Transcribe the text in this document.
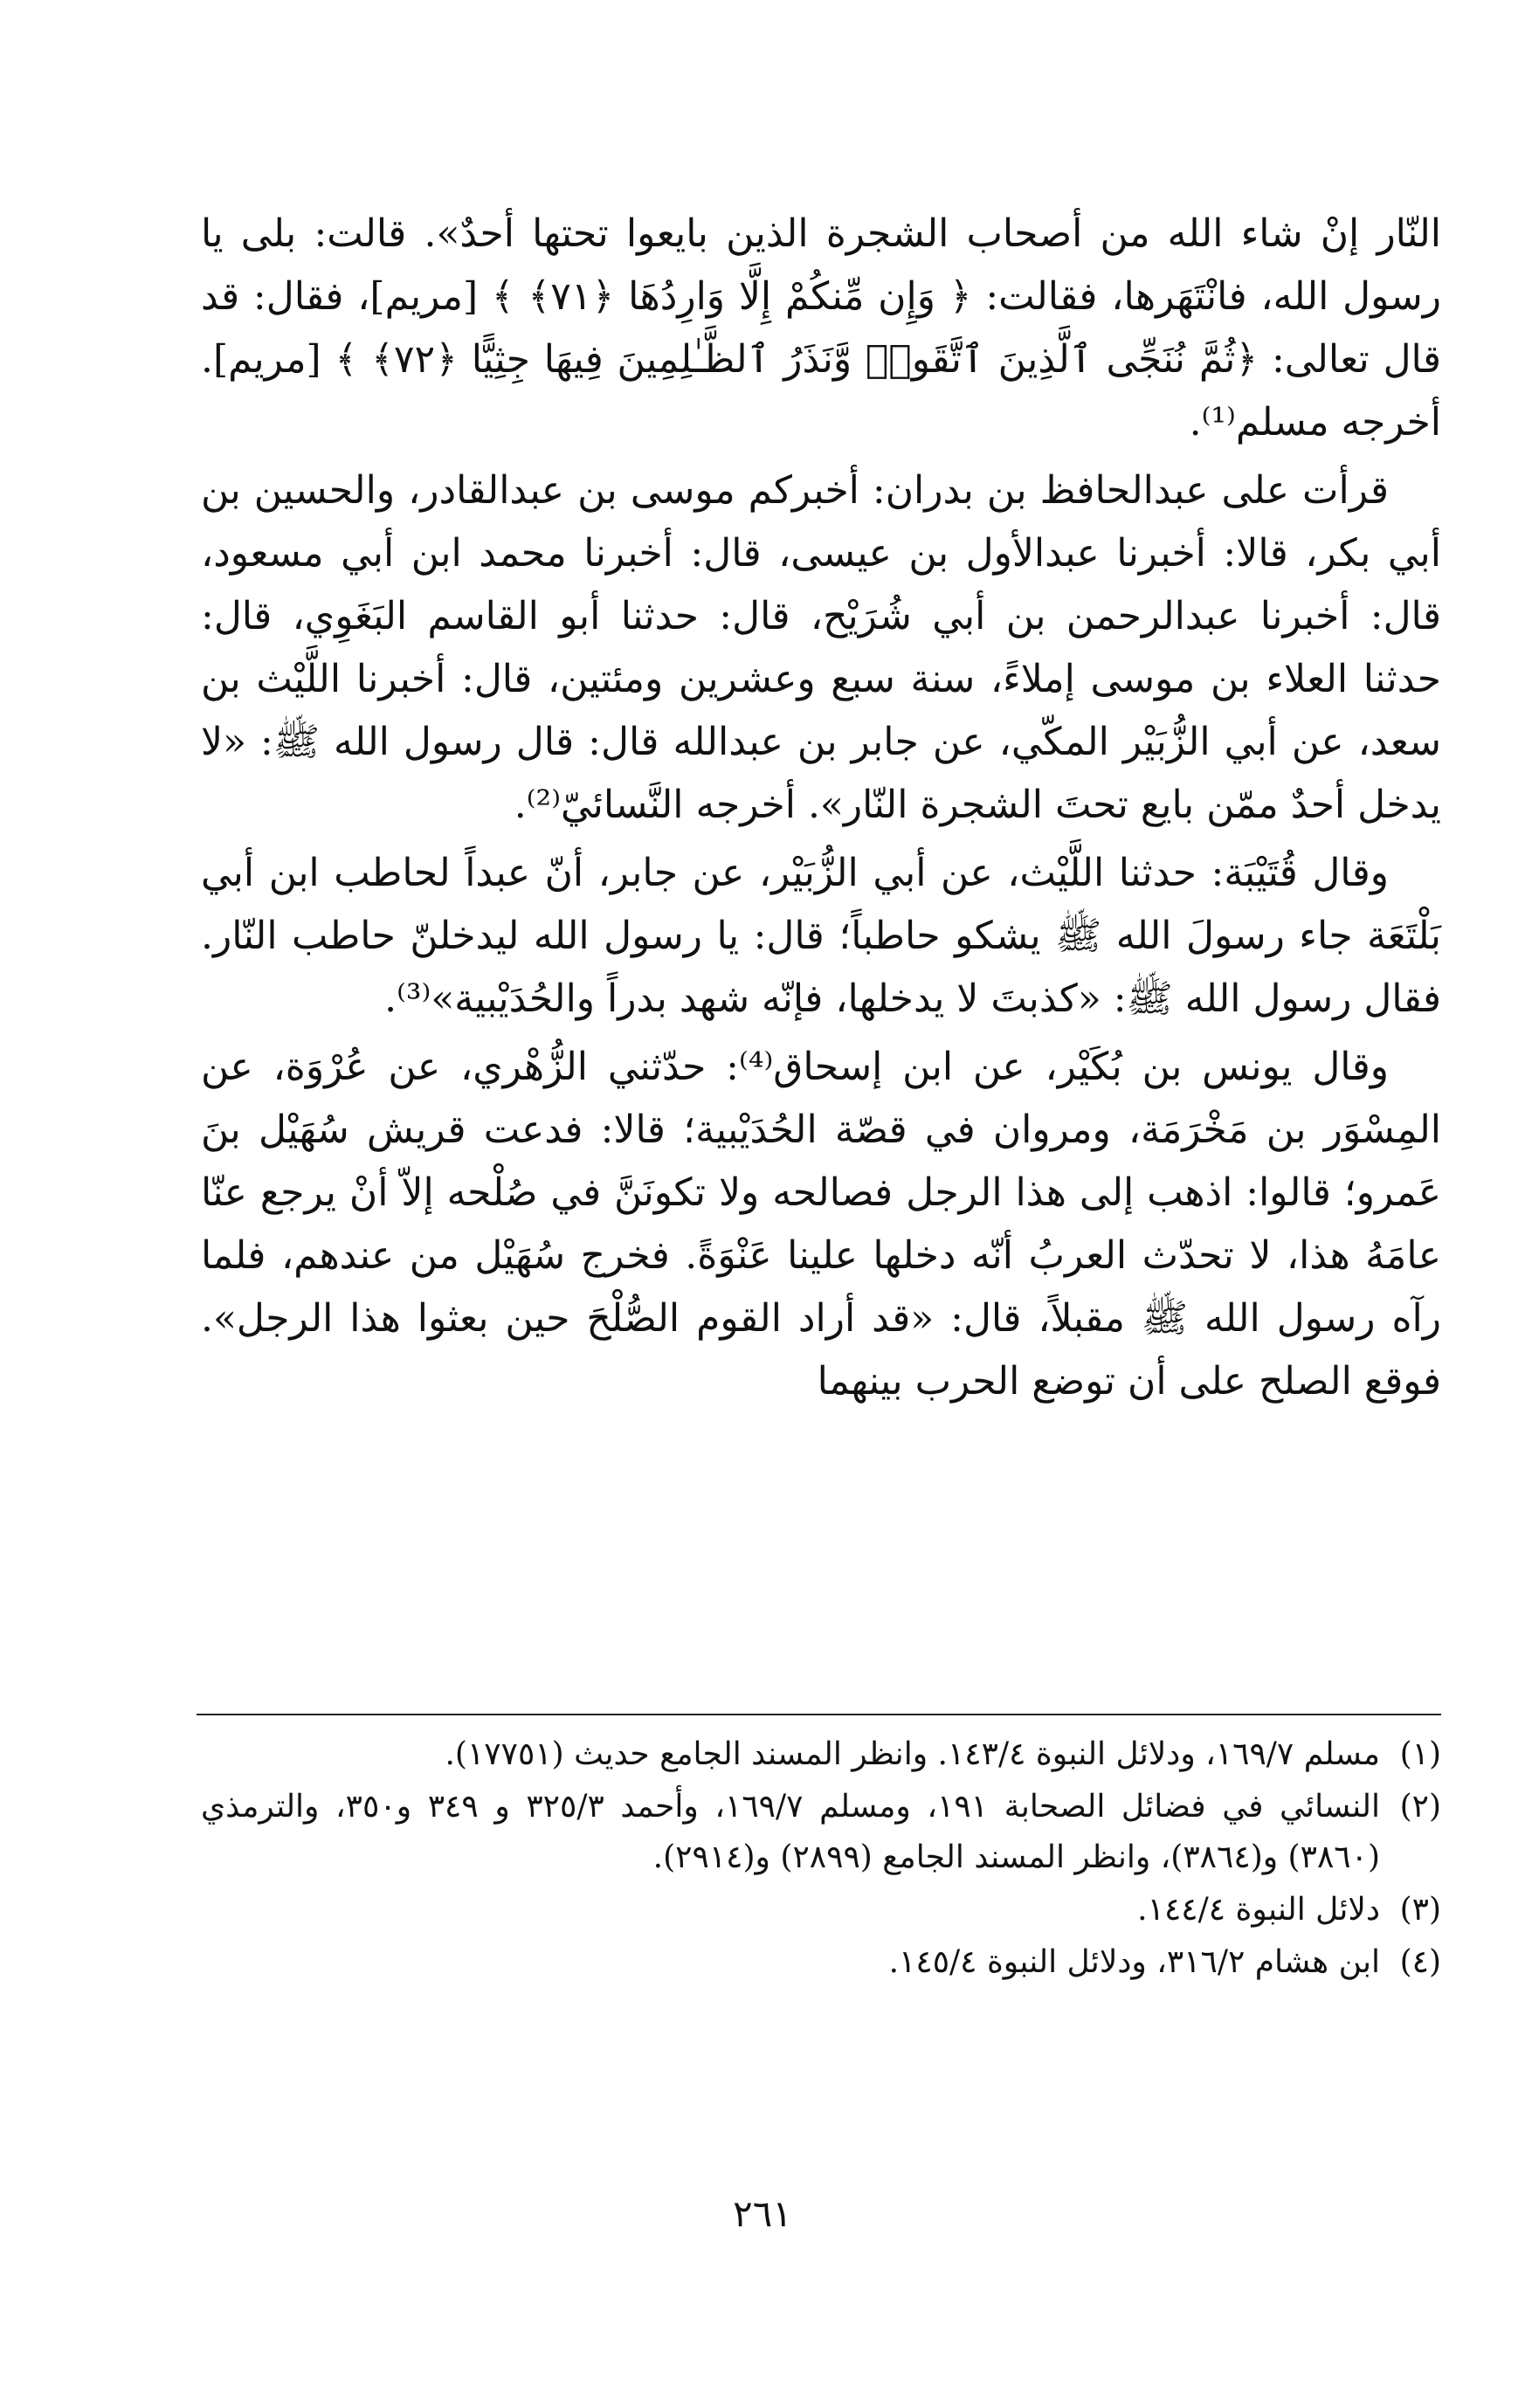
النّار إنْ شاء الله من أصحاب الشجرة الذين بايعوا تحتها أحدٌ». قالت: بلى يا رسول الله، فانْتَهَرها، فقالت: ﴿ وَإِن مِّنكُمْ إِلَّا وَارِدُهَا ﴿٧١﴾ ﴾ [مريم]، فقال: قد قال تعالى: ﴿ثُمَّ نُنَجِّى ٱلَّذِينَ ٱتَّقَوا۟ وَّنَذَرُ ٱلظَّـٰلِمِينَ فِيهَا جِثِيًّا ﴿٧٢﴾ ﴾ [مريم]. أخرجه مسلم⁽¹⁾.

قرأت على عبدالحافظ بن بدران: أخبركم موسى بن عبدالقادر، والحسين بن أبي بكر، قالا: أخبرنا عبدالأول بن عيسى، قال: أخبرنا محمد ابن أبي مسعود، قال: أخبرنا عبدالرحمن بن أبي شُرَيْح، قال: حدثنا أبو القاسم البَغَوِي، قال: حدثنا العلاء بن موسى إملاءً، سنة سبع وعشرين ومئتين، قال: أخبرنا اللَّيْث بن سعد، عن أبي الزُّبَيْر المكّي، عن جابر بن عبدالله قال: قال رسول الله ﷺ: «لا يدخل أحدٌ ممّن بايع تحتَ الشجرة النّار». أخرجه النَّسائيّ⁽²⁾.

وقال قُتَيْبَة: حدثنا اللَّيْث، عن أبي الزُّبَيْر، عن جابر، أنّ عبداً لحاطب ابن أبي بَلْتَعَة جاء رسولَ الله ﷺ يشكو حاطباً؛ قال: يا رسول الله ليدخلنّ حاطب النّار. فقال رسول الله ﷺ: «كذبتَ لا يدخلها، فإنّه شهد بدراً والحُدَيْبية»⁽³⁾.

وقال يونس بن بُكَيْر، عن ابن إسحاق⁽⁴⁾: حدّثني الزُّهْري، عن عُرْوَة، عن المِسْوَر بن مَخْرَمَة، ومروان في قصّة الحُدَيْبية؛ قالا: فدعت قريش سُهَيْل بنَ عَمرو؛ قالوا: اذهب إلى هذا الرجل فصالحه ولا تكونَنَّ في صُلْحه إلاّ أنْ يرجع عنّا عامَهُ هذا، لا تحدّث العربُ أنّه دخلها علينا عَنْوَةً. فخرج سُهَيْل من عندهم، فلما رآه رسول الله ﷺ مقبلاً، قال: «قد أراد القوم الصُّلْحَ حين بعثوا هذا الرجل». فوقع الصلح على أن توضع الحرب بينهما

(١)
مسلم ١٦٩/٧، ودلائل النبوة ١٤٣/٤. وانظر المسند الجامع حديث (١٧٧٥١).
(٢)
النسائي في فضائل الصحابة ١٩١، ومسلم ١٦٩/٧، وأحمد ٣٢٥/٣ و ٣٤٩ و٣٥٠، والترمذي (٣٨٦٠) و(٣٨٦٤)، وانظر المسند الجامع (٢٨٩٩) و(٢٩١٤).
(٣)
دلائل النبوة ١٤٤/٤.
(٤)
ابن هشام ٣١٦/٢، ودلائل النبوة ١٤٥/٤.
٢٦١
